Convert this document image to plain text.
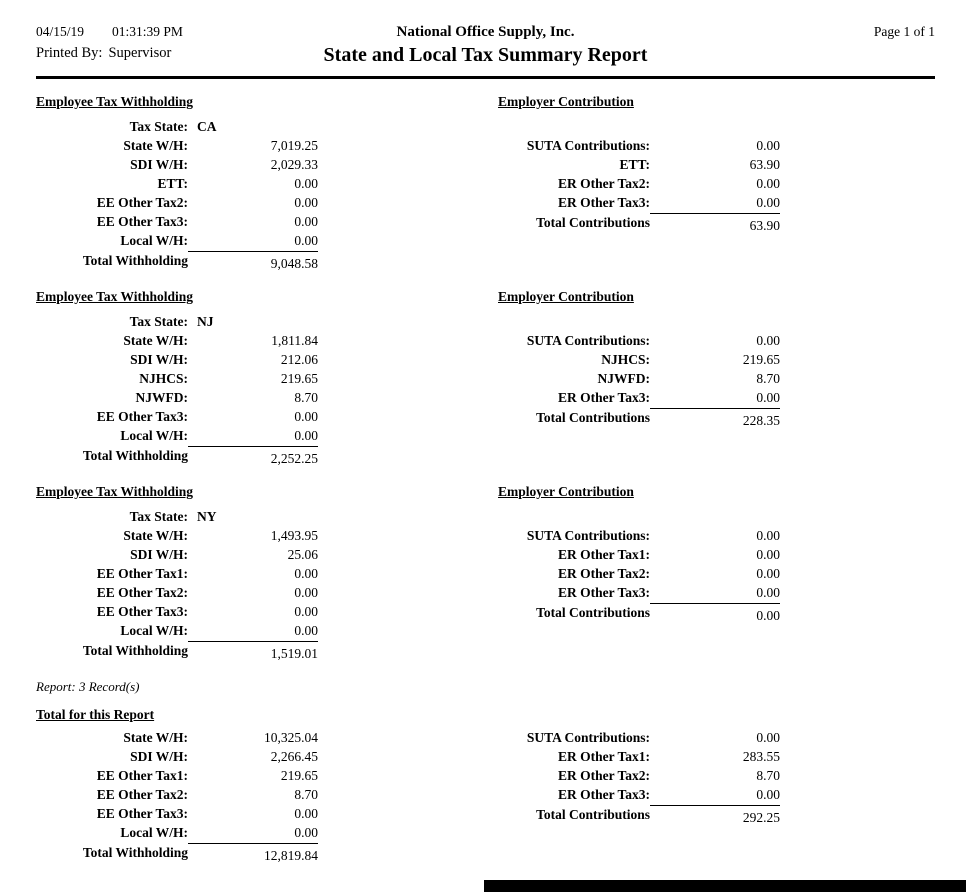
04/15/19 01:31:39 PM
Printed By: Supervisor
National Office Supply, Inc.
State and Local Tax Summary Report
Page 1 of 1
Employee Tax Withholding
Tax State: CA
State W/H:	7,019.25
SDI W/H:	2,029.33
ETT:	0.00
EE Other Tax2:	0.00
EE Other Tax3:	0.00
Local W/H:	0.00
Total Withholding	9,048.58
Employer Contribution
SUTA Contributions:	0.00
ETT:	63.90
ER Other Tax2:	0.00
ER Other Tax3:	0.00
Total Contributions	63.90
Employee Tax Withholding
Tax State: NJ
State W/H:	1,811.84
SDI W/H:	212.06
NJHCS:	219.65
NJWFD:	8.70
EE Other Tax3:	0.00
Local W/H:	0.00
Total Withholding	2,252.25
Employer Contribution
SUTA Contributions:	0.00
NJHCS:	219.65
NJWFD:	8.70
ER Other Tax3:	0.00
Total Contributions	228.35
Employee Tax Withholding
Tax State: NY
State W/H:	1,493.95
SDI W/H:	25.06
EE Other Tax1:	0.00
EE Other Tax2:	0.00
EE Other Tax3:	0.00
Local W/H:	0.00
Total Withholding	1,519.01
Employer Contribution
SUTA Contributions:	0.00
ER Other Tax1:	0.00
ER Other Tax2:	0.00
ER Other Tax3:	0.00
Total Contributions	0.00
Report: 3 Record(s)
Total for this Report
State W/H:	10,325.04
SDI W/H:	2,266.45
EE Other Tax1:	219.65
EE Other Tax2:	8.70
EE Other Tax3:	0.00
Local W/H:	0.00
Total Withholding	12,819.84
SUTA Contributions:	0.00
ER Other Tax1:	283.55
ER Other Tax2:	8.70
ER Other Tax3:	0.00
Total Contributions	292.25
